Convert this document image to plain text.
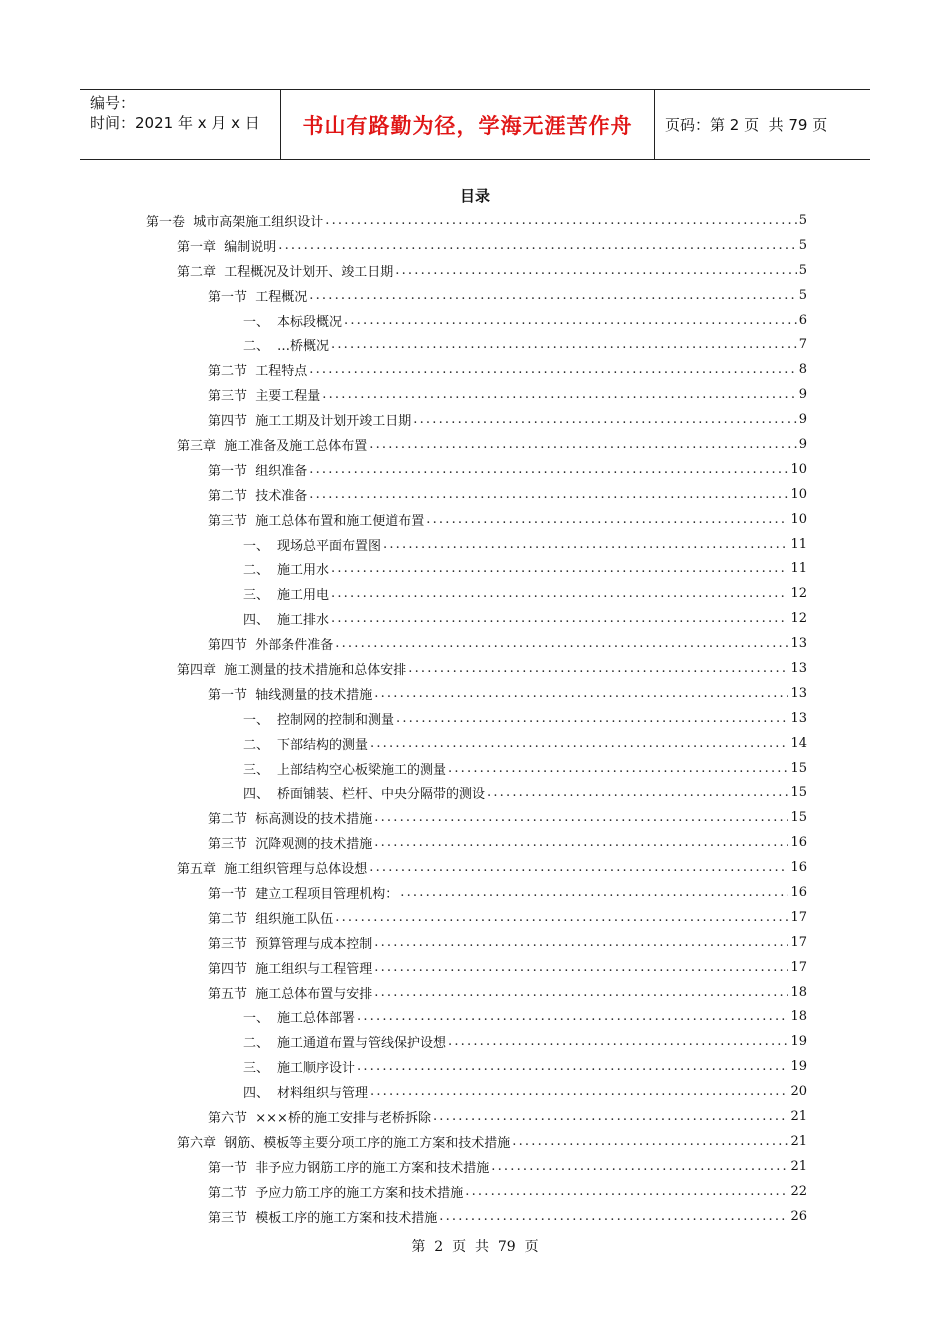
编号：
时间：2021 年 x 月 x 日	书山有路勤为径，学海无涯苦作舟	页码：第 2 页  共 79 页
目录
第一卷  城市高架施工组织设计 .....	5
第一章  编制说明 .....	5
第二章  工程概况及计划开、竣工日期 .....	5
第一节  工程概况 .....	5
一、 本标段概况 .....	6
二、 …桥概况 .....	7
第二节  工程特点 .....	8
第三节  主要工程量 .....	9
第四节  施工工期及计划开竣工日期 .....	9
第三章  施工准备及施工总体布置 .....	9
第一节  组织准备 .....	10
第二节  技术准备 .....	10
第三节  施工总体布置和施工便道布置 .....	10
一、 现场总平面布置图 .....	11
二、 施工用水 .....	11
三、 施工用电 .....	12
四、 施工排水 .....	12
第四节  外部条件准备 .....	13
第四章  施工测量的技术措施和总体安排 .....	13
第一节  轴线测量的技术措施 .....	13
一、 控制网的控制和测量 .....	13
二、 下部结构的测量 .....	14
三、 上部结构空心板梁施工的测量 .....	15
四、 桥面铺装、栏杆、中央分隔带的测设 .....	15
第二节  标高测设的技术措施 .....	15
第三节  沉降观测的技术措施 .....	16
第五章  施工组织管理与总体设想 .....	16
第一节  建立工程项目管理机构： .....	16
第二节  组织施工队伍 .....	17
第三节  预算管理与成本控制 .....	17
第四节  施工组织与工程管理 .....	17
第五节  施工总体布置与安排 .....	18
一、 施工总体部署 .....	18
二、 施工通道布置与管线保护设想 .....	19
三、 施工顺序设计 .....	19
四、 材料组织与管理 .....	20
第六节  ×××桥的施工安排与老桥拆除 .....	21
第六章  钢筋、模板等主要分项工序的施工方案和技术措施 .....	21
第一节  非予应力钢筋工序的施工方案和技术措施 .....	21
第二节  予应力筋工序的施工方案和技术措施 .....	22
第三节  模板工序的施工方案和技术措施 .....	26
第  2  页  共  79  页
